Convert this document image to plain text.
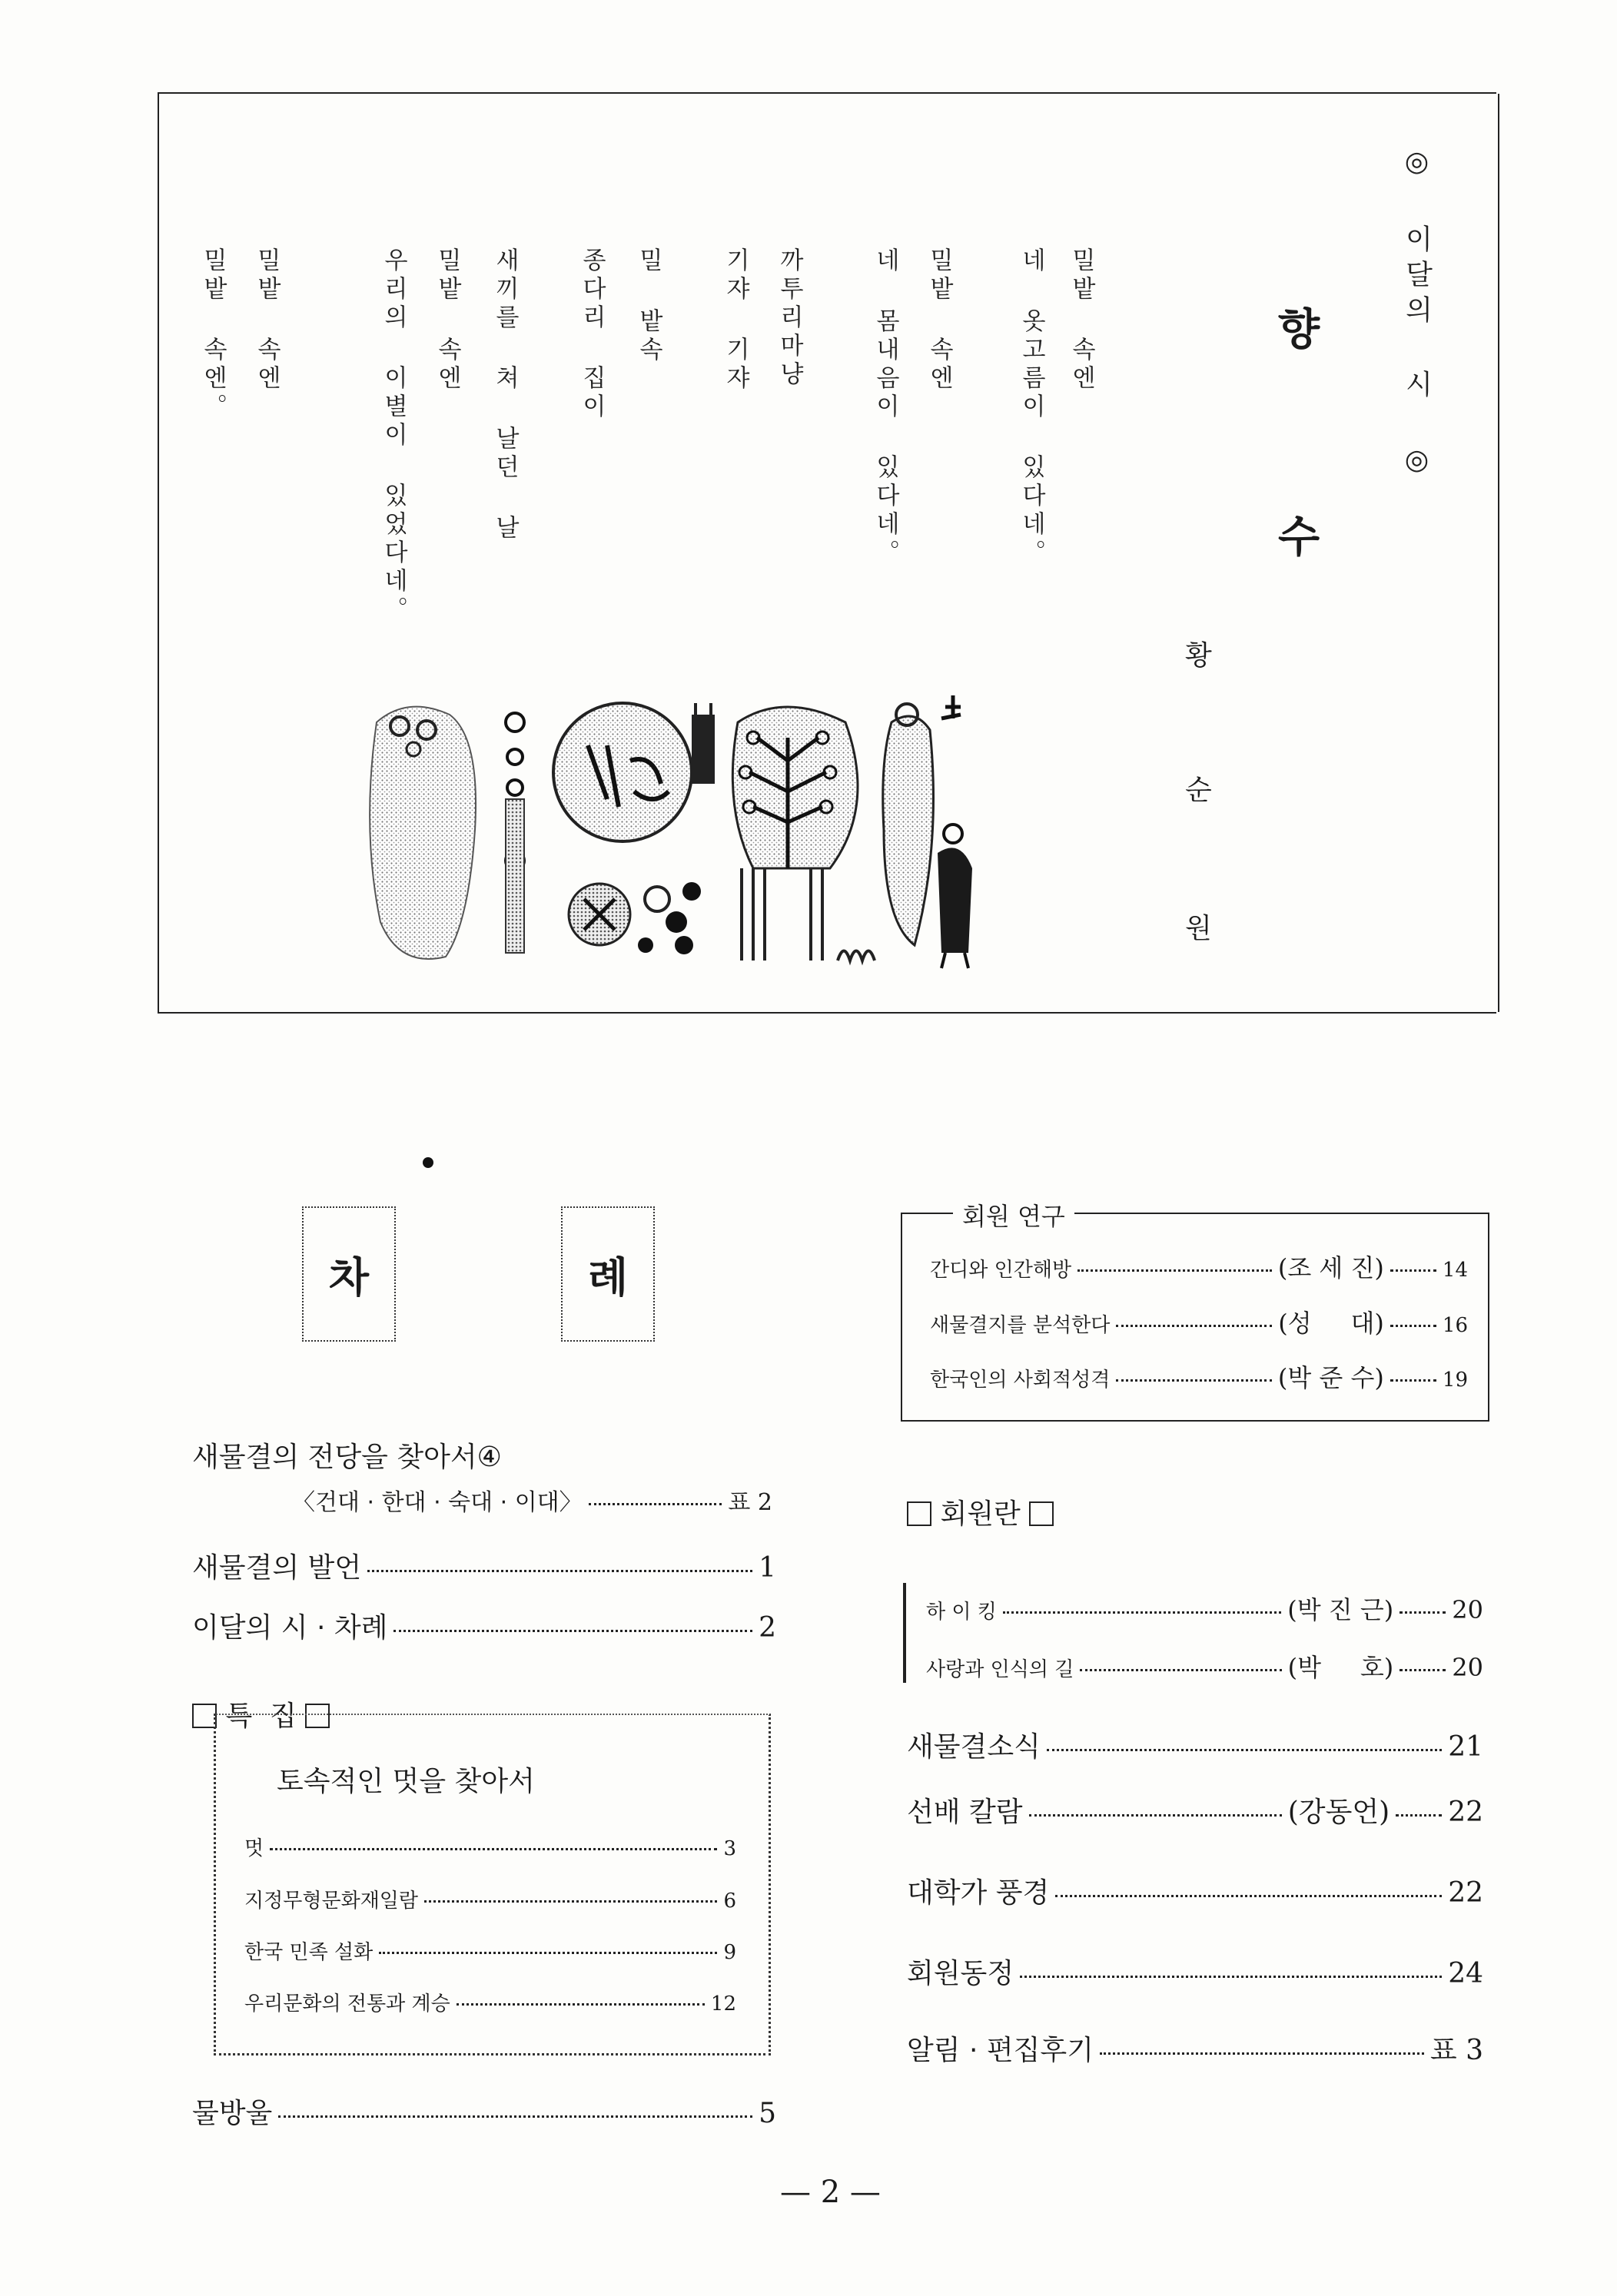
◎ 이달의 시 ◎
향
수
황
순
원
밀밭 속엔
네 옷고름이 있다네。
밀밭 속엔
네 몸내음이 있다네。
까투리마냥
기쟈 기쟈
밀 밭속
종다리 집이
새끼를 쳐 날던 날
밀밭 속엔
우리의 이별이 있었다네。
밀밭 속엔
밀밭 속엔。
차	례
새물결의 전당을 찾아서④
〈건대 · 한대 · 숙대 · 이대〉	표 2
새물결의 발언	1
이달의 시 · 차례	2
특  집
토속적인 멋을 찾아서
멋	3
지정무형문화재일람	6
한국 민족 설화	9
우리문화의 전통과 계승	12
물방울	5
회원 연구
간디와 인간해방	(조 세 진)	14
새물결지를 분석한다	(성     대)	16
한국인의 사회적성격	(박 준 수)	19
회원란
하 이 킹	(박 진 근) 20
사랑과 인식의 길	(박     호) 20
새물결소식	21
선배 칼람	(강동언) 22
대학가 풍경	22
회원동정	24
알림 · 편집후기	표 3
— 2 —
